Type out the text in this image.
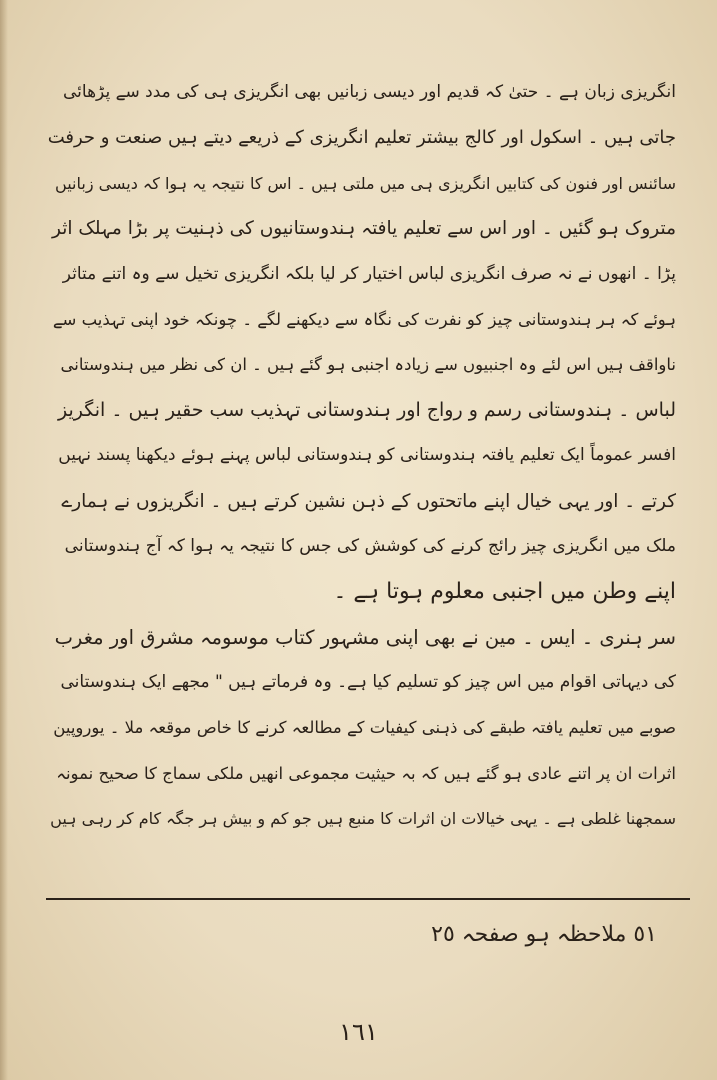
انگریزی زبان ہے ۔ حتیٰ کہ قدیم اور دیسی زبانیں بھی انگریزی ہی کی مدد سے پڑھائی
جاتی ہیں ۔ اسکول اور کالج بیشتر تعلیم انگریزی کے ذریعے دیتے ہیں صنعت و حرفت
سائنس اور فنون کی کتابیں انگریزی ہی میں ملتی ہیں ۔ اس کا نتیجہ یہ ہوا کہ دیسی زبانیں
متروک ہو گئیں ۔ اور اس سے تعلیم یافتہ ہندوستانیوں کی ذہنیت پر بڑا مہلک اثر
پڑا ۔ انھوں نے نہ صرف انگریزی لباس اختیار کر لیا بلکہ انگریزی تخیل سے وہ اتنے متاثر
ہوئے کہ ہر ہندوستانی چیز کو نفرت کی نگاہ سے دیکھنے لگے ۔ چونکہ خود اپنی تہذیب سے
ناواقف ہیں اس لئے وہ اجنبیوں سے زیادہ اجنبی ہو گئے ہیں ۔ ان کی نظر میں ہندوستانی
لباس ۔ ہندوستانی رسم و رواج اور ہندوستانی تہذیب سب حقیر ہیں ۔ انگریز
افسر عموماً ایک تعلیم یافتہ ہندوستانی کو ہندوستانی لباس پہنے ہوئے دیکھنا پسند نہیں
کرتے ۔ اور یہی خیال اپنے ماتحتوں کے ذہن نشین کرتے ہیں ۔ انگریزوں نے ہمارے
ملک میں انگریزی چیز رائج کرنے کی کوشش کی جس کا نتیجہ یہ ہوا کہ آج ہندوستانی
اپنے وطن میں اجنبی معلوم ہوتا ہے ۔
سر ہنری ۔ ایس ۔ مین نے بھی اپنی مشہور کتاب موسومہ مشرق اور مغرب
کی دیہاتی اقوام میں اس چیز کو تسلیم کیا ہے۔ وہ فرماتے ہیں " مجھے ایک ہندوستانی
صوبے میں تعلیم یافتہ طبقے کی ذہنی کیفیات کے مطالعہ کرنے کا خاص موقعہ ملا ۔ یوروپین
اثرات ان پر اتنے عادی ہو گئے ہیں کہ بہ حیثیت مجموعی انھیں ملکی سماج کا صحیح نمونہ
سمجھنا غلطی ہے ۔ یہی خیالات ان اثرات کا منبع ہیں جو کم و بیش ہر جگہ کام کر رہی ہیں
٥١ ملاحظہ ہو صفحہ ٢٥
١٦١
